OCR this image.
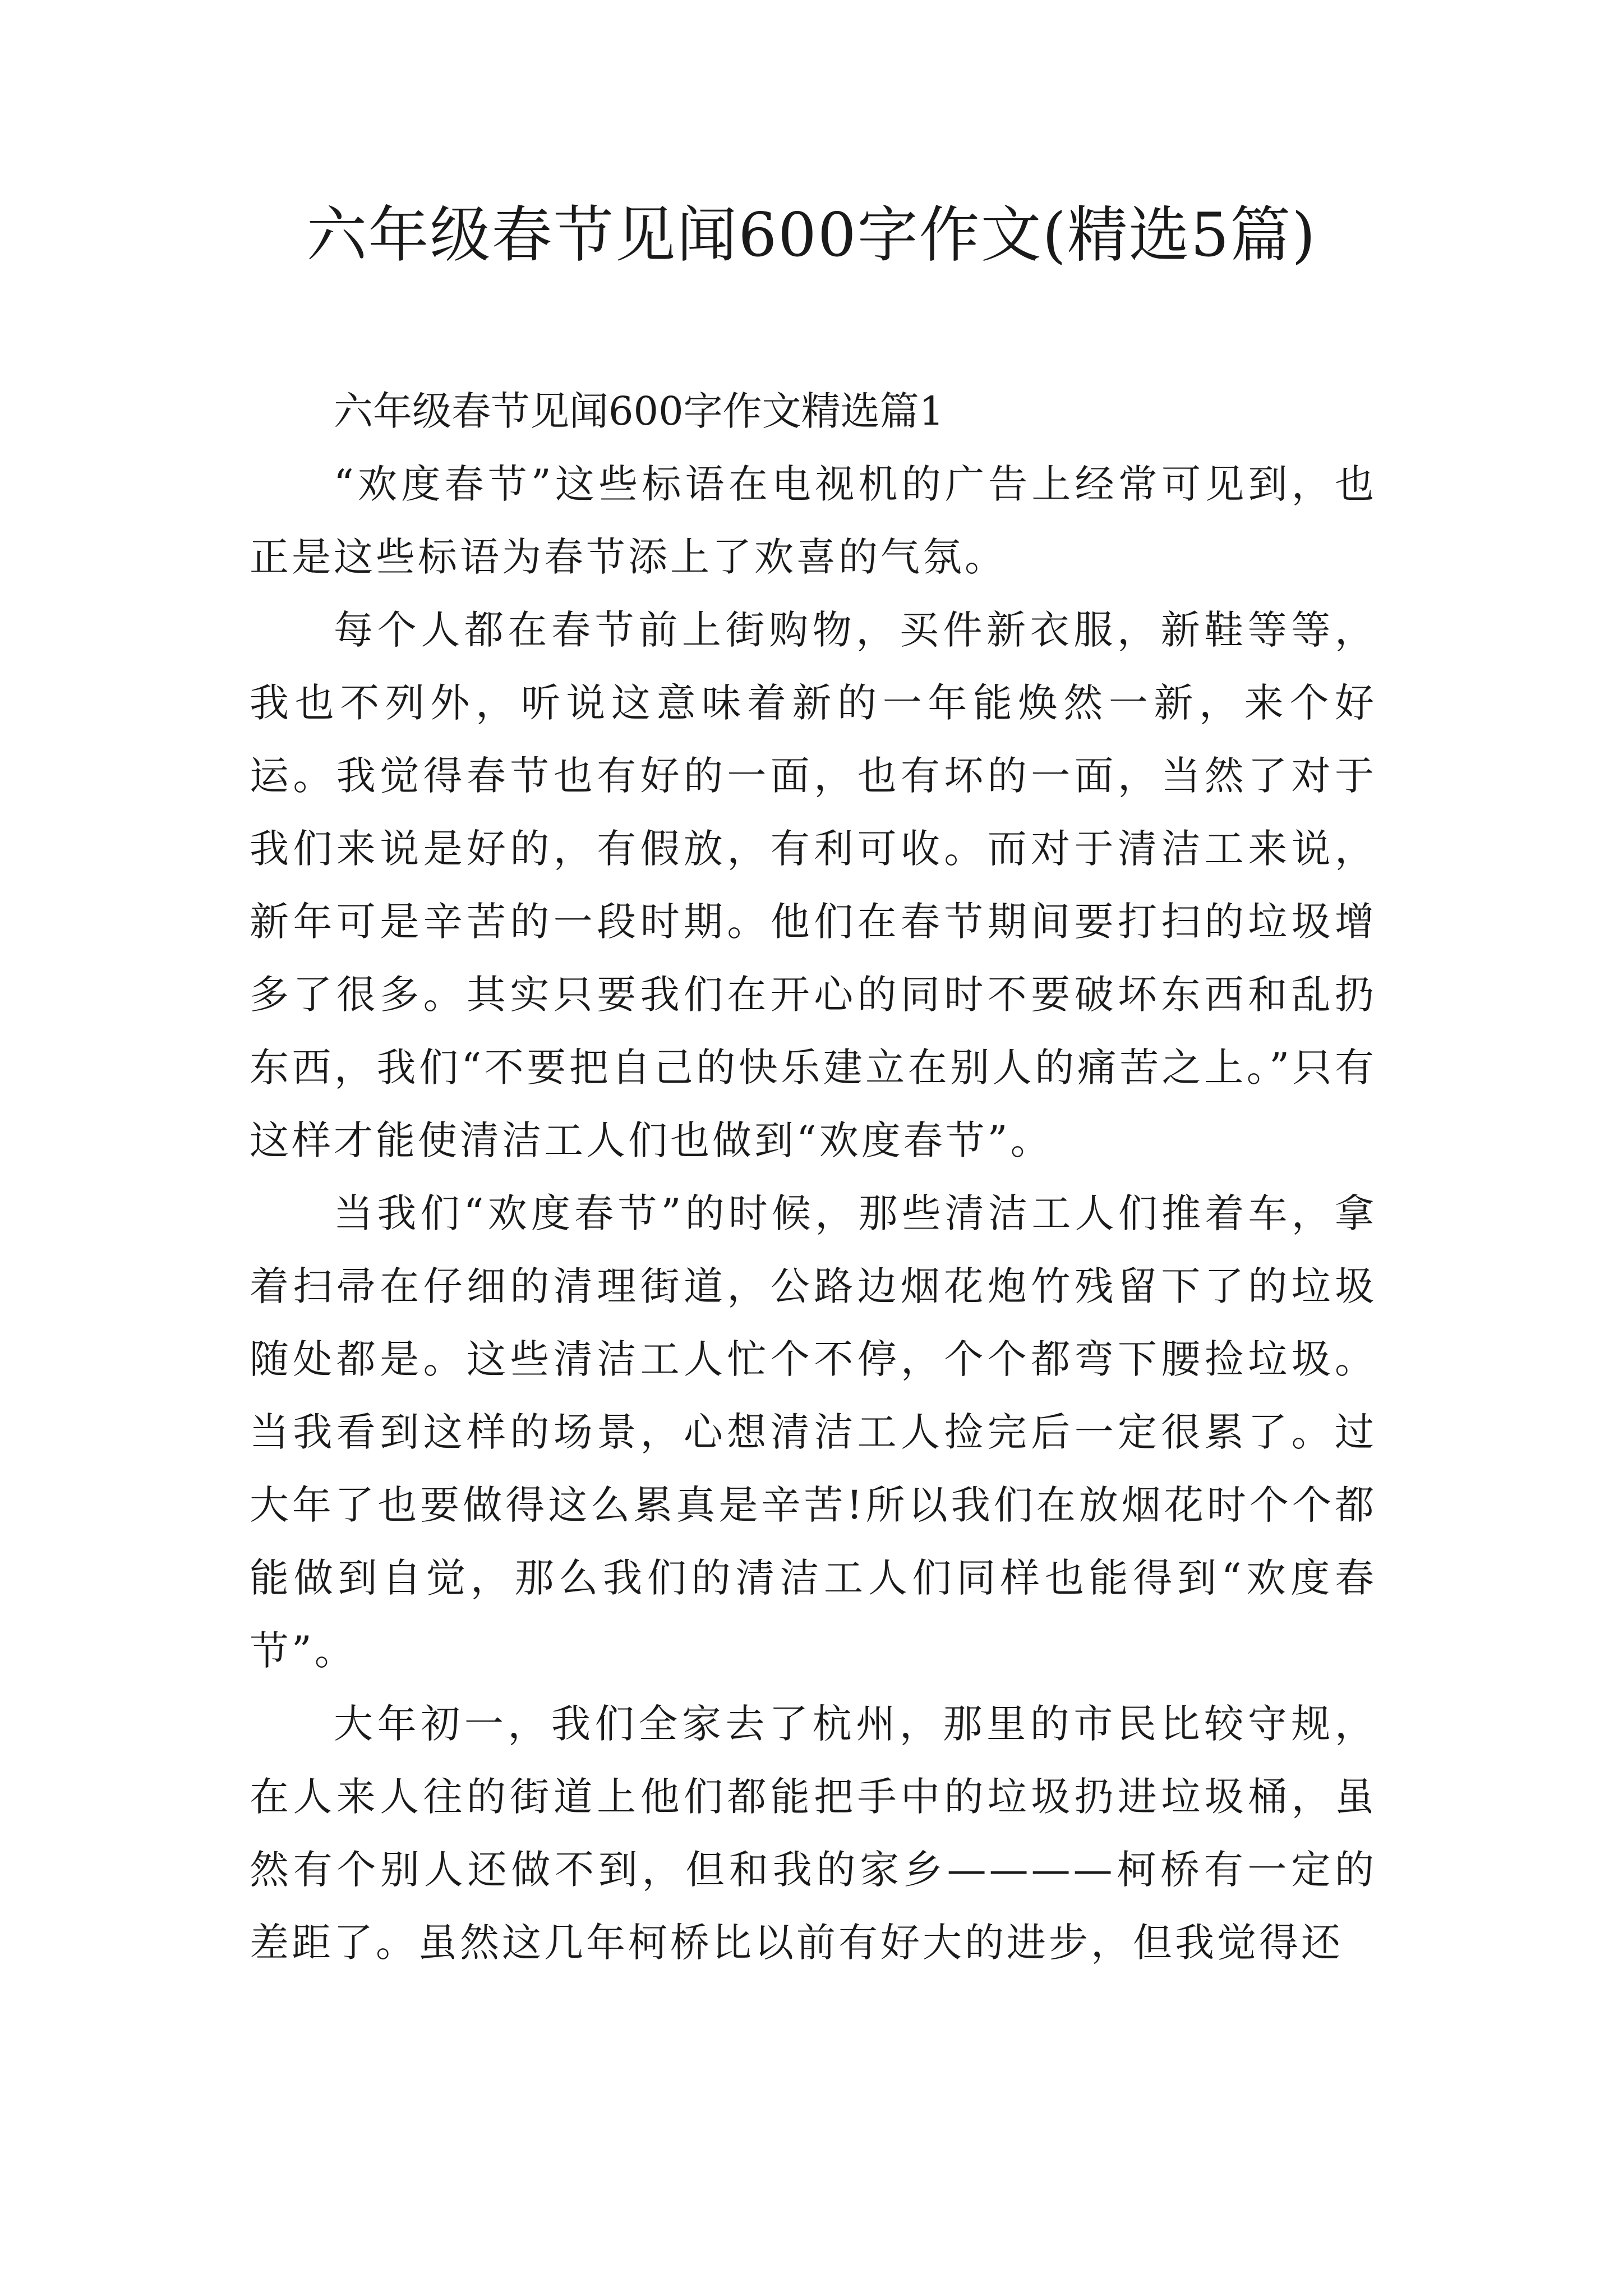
六年级春节见闻600字作文(精选5篇)
六年级春节见闻600字作文精选篇1

“欢度春节”这些标语在电视机的广告上经常可见到，也正是这些标语为春节添上了欢喜的气氛。

每个人都在春节前上街购物，买件新衣服，新鞋等等，我也不列外，听说这意味着新的一年能焕然一新，来个好运。我觉得春节也有好的一面，也有坏的一面，当然了对于我们来说是好的，有假放，有利可收。而对于清洁工来说，新年可是辛苦的一段时期。他们在春节期间要打扫的垃圾增多了很多。其实只要我们在开心的同时不要破坏东西和乱扔东西，我们“不要把自己的快乐建立在别人的痛苦之上。”只有这样才能使清洁工人们也做到“欢度春节”。

当我们“欢度春节”的时候，那些清洁工人们推着车，拿着扫帚在仔细的清理街道，公路边烟花炮竹残留下了的垃圾随处都是。这些清洁工人忙个不停，个个都弯下腰捡垃圾。当我看到这样的场景，心想清洁工人捡完后一定很累了。过大年了也要做得这么累真是辛苦!所以我们在放烟花时个个都能做到自觉，那么我们的清洁工人们同样也能得到“欢度春节”。

大年初一，我们全家去了杭州，那里的市民比较守规，在人来人往的街道上他们都能把手中的垃圾扔进垃圾桶，虽然有个别人还做不到，但和我的家乡————柯桥有一定的差距了。虽然这几年柯桥比以前有好大的进步，但我觉得还
